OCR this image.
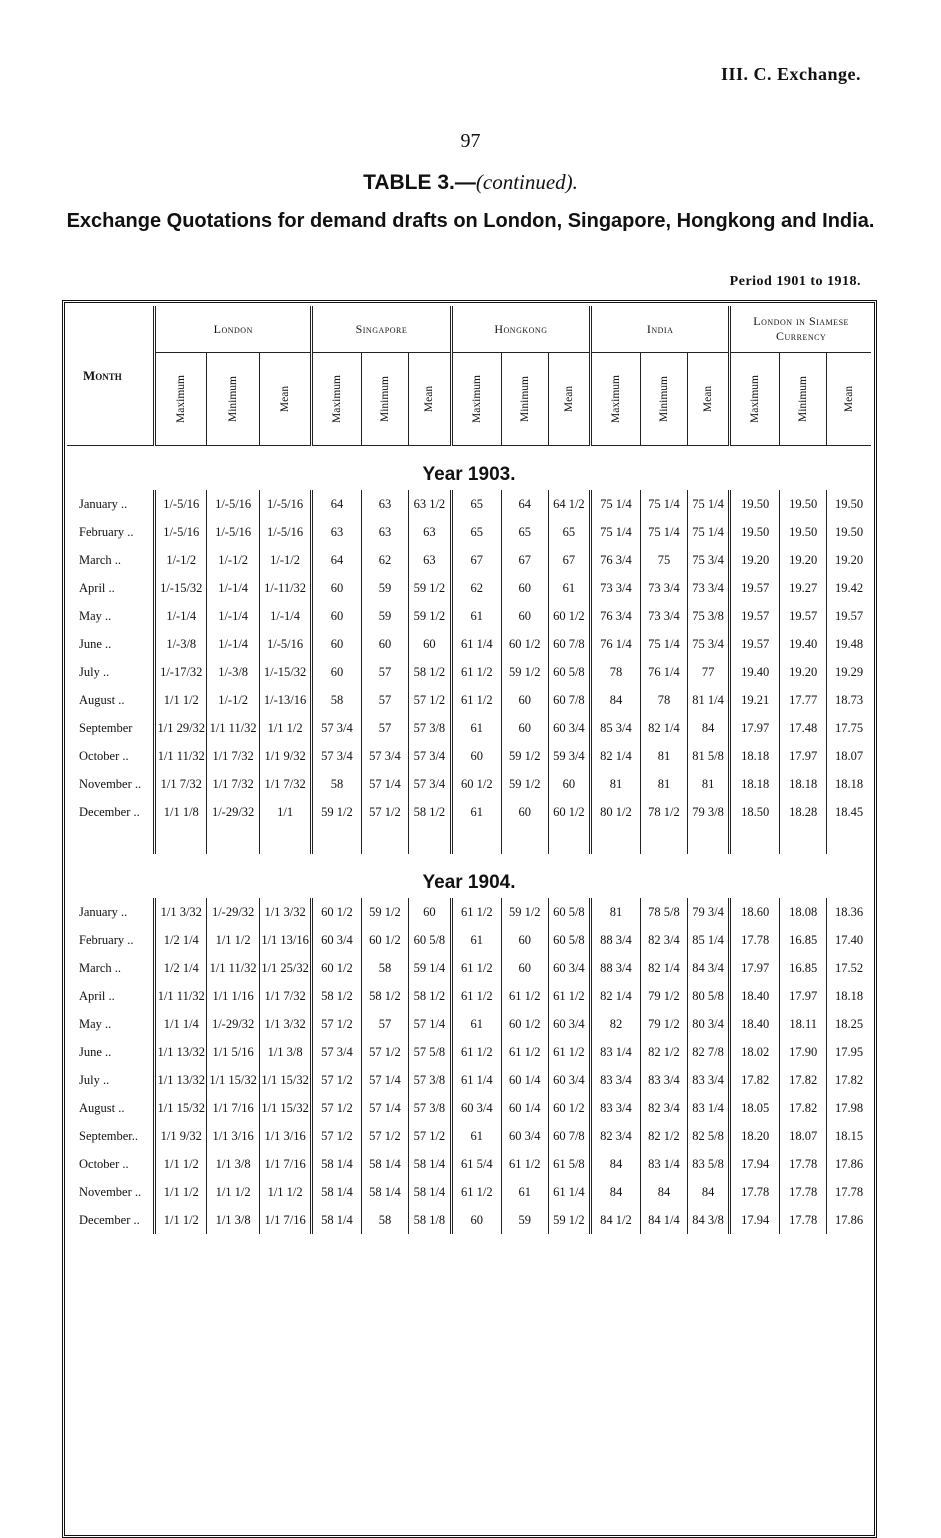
III. C. Exchange.
97
TABLE 3.—(continued).
Exchange Quotations for demand drafts on London, Singapore, Hongkong and India.
Period 1901 to 1918.
Month	London			Singapore			Hongkong			India			London in Siamese Currency		
	Maximum	Minimum	Mean	Maximum	Minimum	Mean	Maximum	Minimum	Mean	Maximum	Minimum	Mean	Maximum	Minimum	Mean
Year 1903.															
January ..	1/-5/16	1/-5/16	1/-5/16	64	63	63 1/2	65	64	64 1/2	75 1/4	75 1/4	75 1/4	19.50	19.50	19.50
February ..	1/-5/16	1/-5/16	1/-5/16	63	63	63	65	65	65	75 1/4	75 1/4	75 1/4	19.50	19.50	19.50
March ..	1/-1/2	1/-1/2	1/-1/2	64	62	63	67	67	67	76 3/4	75	75 3/4	19.20	19.20	19.20
April ..	1/-15/32	1/-1/4	1/-11/32	60	59	59 1/2	62	60	61	73 3/4	73 3/4	73 3/4	19.57	19.27	19.42
May ..	1/-1/4	1/-1/4	1/-1/4	60	59	59 1/2	61	60	60 1/2	76 3/4	73 3/4	75 3/8	19.57	19.57	19.57
June ..	1/-3/8	1/-1/4	1/-5/16	60	60	60	61 1/4	60 1/2	60 7/8	76 1/4	75 1/4	75 3/4	19.57	19.40	19.48
July ..	1/-17/32	1/-3/8	1/-15/32	60	57	58 1/2	61 1/2	59 1/2	60 5/8	78	76 1/4	77	19.40	19.20	19.29
August ..	1/1 1/2	1/-1/2	1/-13/16	58	57	57 1/2	61 1/2	60	60 7/8	84	78	81 1/4	19.21	17.77	18.73
September	1/1 29/32	1/1 11/32	1/1 1/2	57 3/4	57	57 3/8	61	60	60 3/4	85 3/4	82 1/4	84	17.97	17.48	17.75
October ..	1/1 11/32	1/1 7/32	1/1 9/32	57 3/4	57 3/4	57 3/4	60	59 1/2	59 3/4	82 1/4	81	81 5/8	18.18	17.97	18.07
November ..	1/1 7/32	1/1 7/32	1/1 7/32	58	57 1/4	57 3/4	60 1/2	59 1/2	60	81	81	81	18.18	18.18	18.18
December ..	1/1 1/8	1/-29/32	1/1	59 1/2	57 1/2	58 1/2	61	60	60 1/2	80 1/2	78 1/2	79 3/8	18.50	18.28	18.45

Year 1904.															
January ..	1/1 3/32	1/-29/32	1/1 3/32	60 1/2	59 1/2	60	61 1/2	59 1/2	60 5/8	81	78 5/8	79 3/4	18.60	18.08	18.36
February ..	1/2 1/4	1/1 1/2	1/1 13/16	60 3/4	60 1/2	60 5/8	61	60	60 5/8	88 3/4	82 3/4	85 1/4	17.78	16.85	17.40
March ..	1/2 1/4	1/1 11/32	1/1 25/32	60 1/2	58	59 1/4	61 1/2	60	60 3/4	88 3/4	82 1/4	84 3/4	17.97	16.85	17.52
April ..	1/1 11/32	1/1 1/16	1/1 7/32	58 1/2	58 1/2	58 1/2	61 1/2	61 1/2	61 1/2	82 1/4	79 1/2	80 5/8	18.40	17.97	18.18
May ..	1/1 1/4	1/-29/32	1/1 3/32	57 1/2	57	57 1/4	61	60 1/2	60 3/4	82	79 1/2	80 3/4	18.40	18.11	18.25
June ..	1/1 13/32	1/1 5/16	1/1 3/8	57 3/4	57 1/2	57 5/8	61 1/2	61 1/2	61 1/2	83 1/4	82 1/2	82 7/8	18.02	17.90	17.95
July ..	1/1 13/32	1/1 15/32	1/1 15/32	57 1/2	57 1/4	57 3/8	61 1/4	60 1/4	60 3/4	83 3/4	83 3/4	83 3/4	17.82	17.82	17.82
August ..	1/1 15/32	1/1 7/16	1/1 15/32	57 1/2	57 1/4	57 3/8	60 3/4	60 1/4	60 1/2	83 3/4	82 3/4	83 1/4	18.05	17.82	17.98
September..	1/1 9/32	1/1 3/16	1/1 3/16	57 1/2	57 1/2	57 1/2	61	60 3/4	60 7/8	82 3/4	82 1/2	82 5/8	18.20	18.07	18.15
October ..	1/1 1/2	1/1 3/8	1/1 7/16	58 1/4	58 1/4	58 1/4	61 5/4	61 1/2	61 5/8	84	83 1/4	83 5/8	17.94	17.78	17.86
November ..	1/1 1/2	1/1 1/2	1/1 1/2	58 1/4	58 1/4	58 1/4	61 1/2	61	61 1/4	84	84	84	17.78	17.78	17.78
December ..	1/1 1/2	1/1 3/8	1/1 7/16	58 1/4	58	58 1/8	60	59	59 1/2	84 1/2	84 1/4	84 3/8	17.94	17.78	17.86
